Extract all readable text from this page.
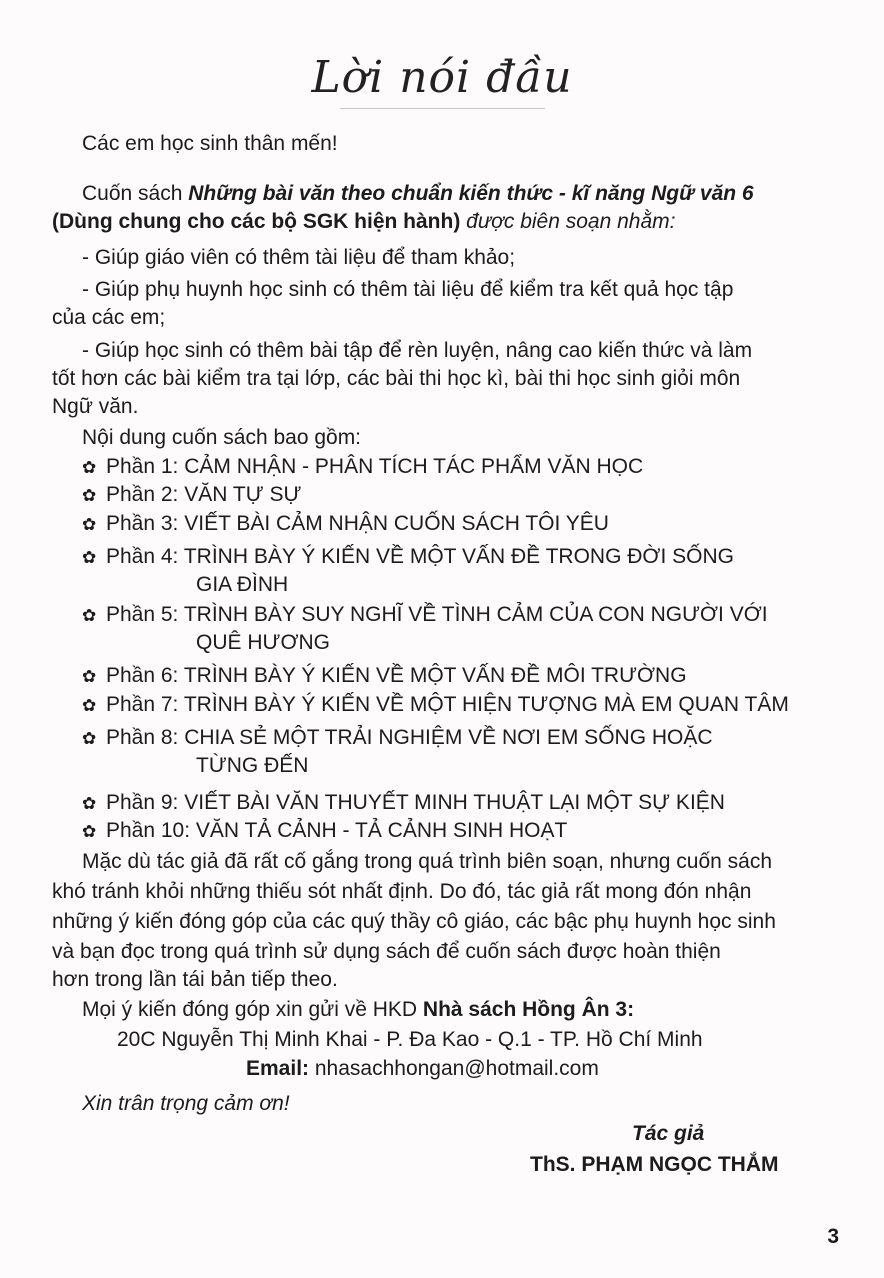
Lời nói đầu
Các em học sinh thân mến!
Cuốn sách Những bài văn theo chuẩn kiến thức - kĩ năng Ngữ văn 6
(Dùng chung cho các bộ SGK hiện hành) được biên soạn nhằm:
- Giúp giáo viên có thêm tài liệu để tham khảo;
- Giúp phụ huynh học sinh có thêm tài liệu để kiểm tra kết quả học tập
của các em;
- Giúp học sinh có thêm bài tập để rèn luyện, nâng cao kiến thức và làm
tốt hơn các bài kiểm tra tại lớp, các bài thi học kì, bài thi học sinh giỏi môn
Ngữ văn.
Nội dung cuốn sách bao gồm:
✿ Phần 1: CẢM NHẬN - PHÂN TÍCH TÁC PHẨM VĂN HỌC
✿ Phần 2: VĂN TỰ SỰ
✿ Phần 3: VIẾT BÀI CẢM NHẬN CUỐN SÁCH TÔI YÊU
✿ Phần 4: TRÌNH BÀY Ý KIẾN VỀ MỘT VẤN ĐỀ TRONG ĐỜI SỐNG
GIA ĐÌNH
✿ Phần 5: TRÌNH BÀY SUY NGHĨ VỀ TÌNH CẢM CỦA CON NGƯỜI VỚI
QUÊ HƯƠNG
✿ Phần 6: TRÌNH BÀY Ý KIẾN VỀ MỘT VẤN ĐỀ MÔI TRƯỜNG
✿ Phần 7: TRÌNH BÀY Ý KIẾN VỀ MỘT HIỆN TƯỢNG MÀ EM QUAN TÂM
✿ Phần 8: CHIA SẺ MỘT TRẢI NGHIỆM VỀ NƠI EM SỐNG HOẶC
TỪNG ĐẾN
✿ Phần 9: VIẾT BÀI VĂN THUYẾT MINH THUẬT LẠI MỘT SỰ KIỆN
✿ Phần 10: VĂN TẢ CẢNH - TẢ CẢNH SINH HOẠT
Mặc dù tác giả đã rất cố gắng trong quá trình biên soạn, nhưng cuốn sách
khó tránh khỏi những thiếu sót nhất định. Do đó, tác giả rất mong đón nhận
những ý kiến đóng góp của các quý thầy cô giáo, các bậc phụ huynh học sinh
và bạn đọc trong quá trình sử dụng sách để cuốn sách được hoàn thiện
hơn trong lần tái bản tiếp theo.
Mọi ý kiến đóng góp xin gửi về HKD Nhà sách Hồng Ân 3:
20C Nguyễn Thị Minh Khai - P. Đa Kao - Q.1 - TP. Hồ Chí Minh
Email: nhasachhongan@hotmail.com
Xin trân trọng cảm ơn!
Tác giả
ThS. PHẠM NGỌC THẮM
3
